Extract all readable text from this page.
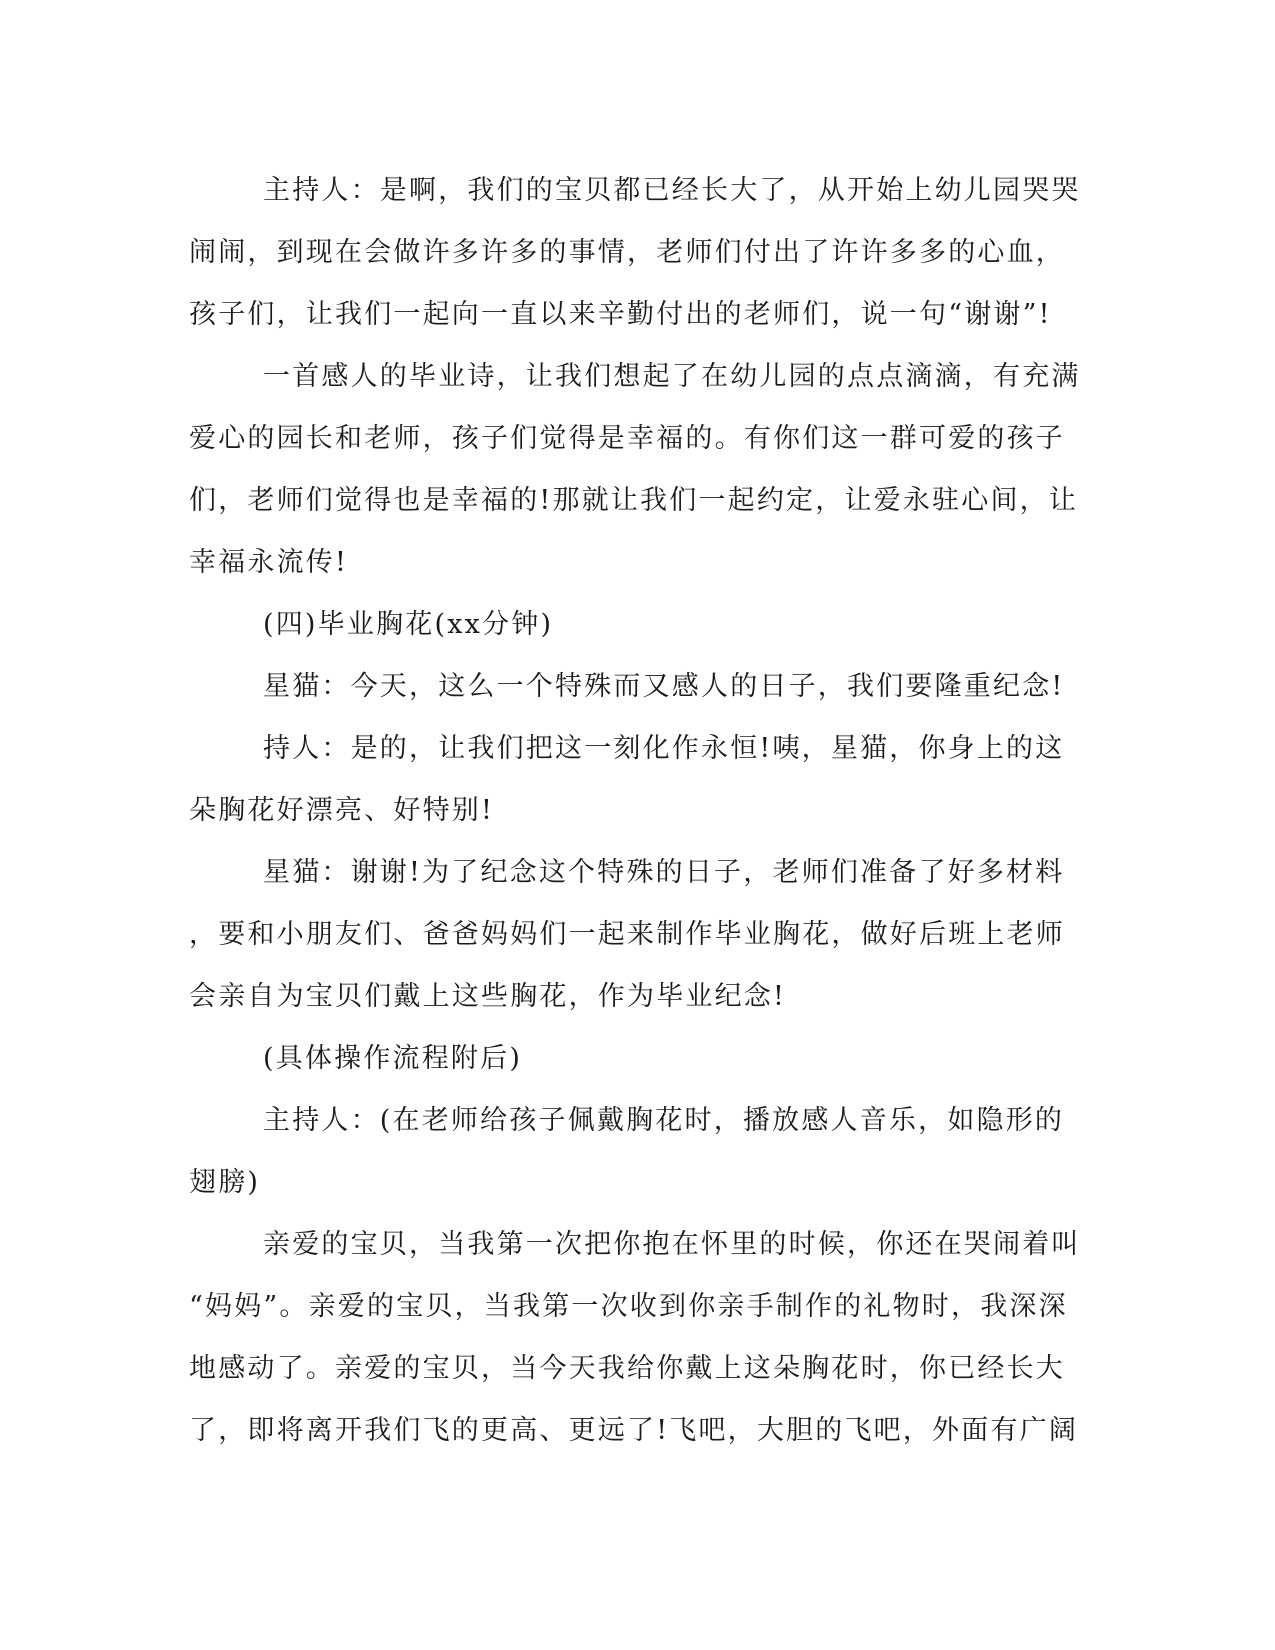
主持人：是啊，我们的宝贝都已经长大了，从开始上幼儿园哭哭
闹闹，到现在会做许多许多的事情，老师们付出了许许多多的心血，
孩子们，让我们一起向一直以来辛勤付出的老师们，说一句“谢谢”!
一首感人的毕业诗，让我们想起了在幼儿园的点点滴滴，有充满
爱心的园长和老师，孩子们觉得是幸福的。有你们这一群可爱的孩子
们，老师们觉得也是幸福的!那就让我们一起约定，让爱永驻心间，让
幸福永流传!
(四)毕业胸花(xx分钟)
星猫：今天，这么一个特殊而又感人的日子，我们要隆重纪念!
持人：是的，让我们把这一刻化作永恒!咦，星猫，你身上的这
朵胸花好漂亮、好特别!
星猫：谢谢!为了纪念这个特殊的日子，老师们准备了好多材料
，要和小朋友们、爸爸妈妈们一起来制作毕业胸花，做好后班上老师
会亲自为宝贝们戴上这些胸花，作为毕业纪念!
(具体操作流程附后)
主持人：(在老师给孩子佩戴胸花时，播放感人音乐，如隐形的
翅膀)
亲爱的宝贝，当我第一次把你抱在怀里的时候，你还在哭闹着叫
“妈妈”。亲爱的宝贝，当我第一次收到你亲手制作的礼物时，我深深
地感动了。亲爱的宝贝，当今天我给你戴上这朵胸花时，你已经长大
了，即将离开我们飞的更高、更远了!飞吧，大胆的飞吧，外面有广阔
